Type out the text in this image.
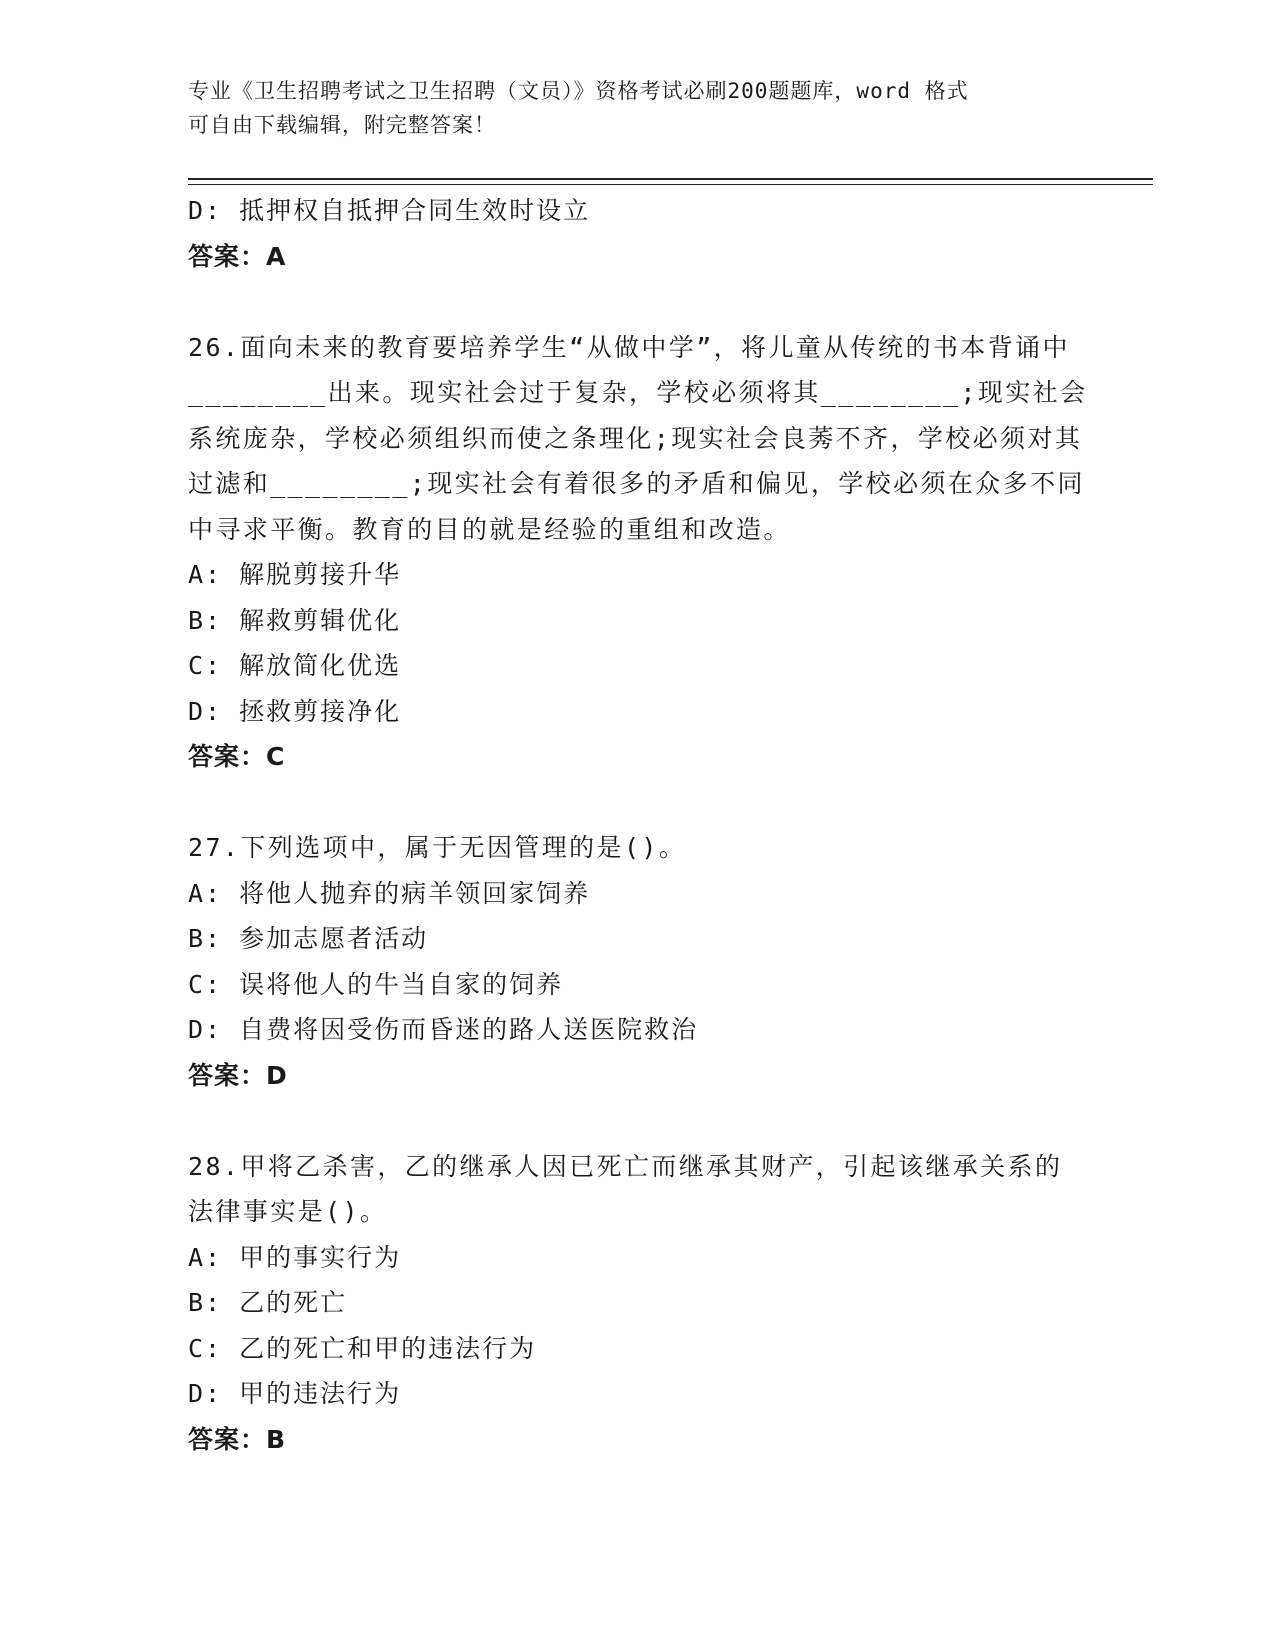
专业《卫生招聘考试之卫生招聘（文员）》资格考试必刷200题题库，word 格式
可自由下载编辑，附完整答案！
D: 抵押权自抵押合同生效时设立
答案：A
26.面向未来的教育要培养学生“从做中学”，将儿童从传统的书本背诵中________出来。现实社会过于复杂，学校必须将其________;现实社会系统庞杂，学校必须组织而使之条理化;现实社会良莠不齐，学校必须对其过滤和________;现实社会有着很多的矛盾和偏见，学校必须在众多不同中寻求平衡。教育的目的就是经验的重组和改造。
A: 解脱剪接升华
B: 解救剪辑优化
C: 解放简化优选
D: 拯救剪接净化
答案：C
27.下列选项中，属于无因管理的是()。
A: 将他人抛弃的病羊领回家饲养
B: 参加志愿者活动
C: 误将他人的牛当自家的饲养
D: 自费将因受伤而昏迷的路人送医院救治
答案：D
28.甲将乙杀害，乙的继承人因已死亡而继承其财产，引起该继承关系的法律事实是()。
A: 甲的事实行为
B: 乙的死亡
C: 乙的死亡和甲的违法行为
D: 甲的违法行为
答案：B
